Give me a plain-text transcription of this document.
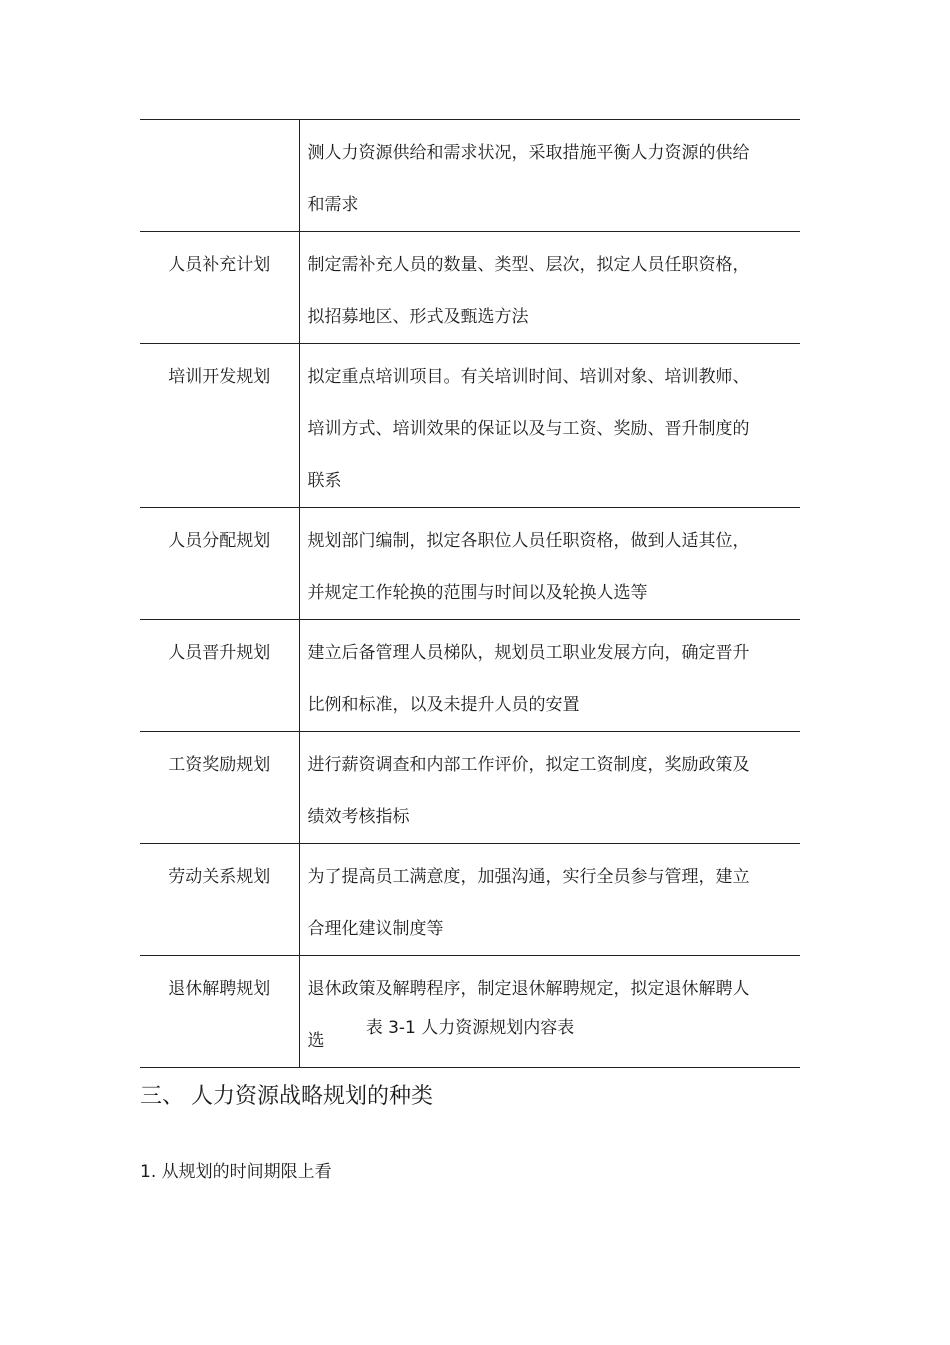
	测人力资源供给和需求状况，采取措施平衡人力资源的供给和需求
人员补充计划	制定需补充人员的数量、类型、层次，拟定人员任职资格，拟招募地区、形式及甄选方法
培训开发规划	拟定重点培训项目。有关培训时间、培训对象、培训教师、培训方式、培训效果的保证以及与工资、奖励、晋升制度的联系
人员分配规划	规划部门编制，拟定各职位人员任职资格，做到人适其位，并规定工作轮换的范围与时间以及轮换人选等
人员晋升规划	建立后备管理人员梯队，规划员工职业发展方向，确定晋升比例和标准，以及未提升人员的安置
工资奖励规划	进行薪资调查和内部工作评价，拟定工资制度，奖励政策及绩效考核指标
劳动关系规划	为了提高员工满意度，加强沟通，实行全员参与管理，建立合理化建议制度等
退休解聘规划	退休政策及解聘程序，制定退休解聘规定，拟定退休解聘人选
表 3-1 人力资源规划内容表
三、 人力资源战略规划的种类
1. 从规划的时间期限上看
